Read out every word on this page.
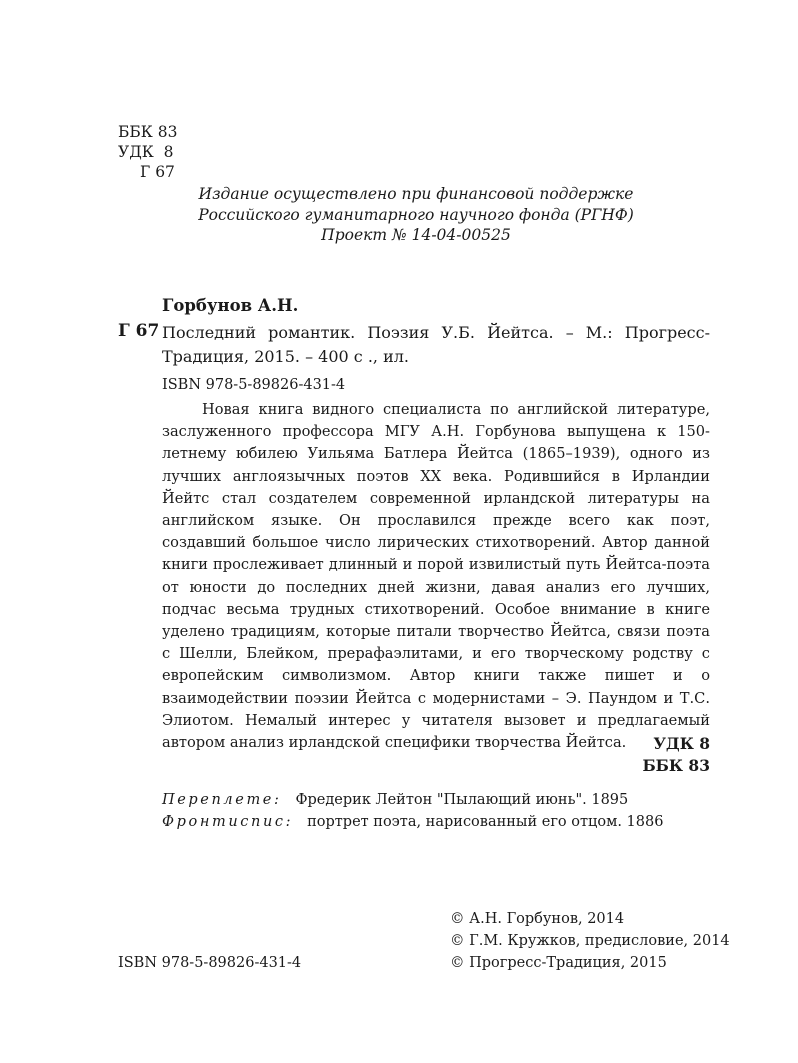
ББК 83
УДК  8
Г 67
Издание осуществлено при финансовой поддержке
Российского гуманитарного научного фонда (РГНФ)
Проект № 14-04-00525
Горбунов А.Н.
Г 67 Последний романтик. Поэзия У.Б. Йейтса. – М.: Прогресс-
Традиция, 2015. – 400 с ., ил.
ISBN 978-5-89826-431-4

Новая книга видного специалиста по английской литературе, заслуженного профессора МГУ А.Н. Горбунова выпущена к 150-летнему юбилею Уильяма Батлера Йейтса (1865–1939), одного из лучших англоязычных поэтов XX века. Родившийся в Ирландии Йейтс стал создателем современной ирландской литературы на английском языке. Он прославился прежде всего как поэт, создавший большое число лирических стихотворений. Автор данной книги прослеживает длинный и порой извилистый путь Йейтса-поэта от юности до последних дней жизни, давая анализ его лучших, подчас весьма трудных стихотворений. Особое внимание в книге уделено традициям, которые питали творчество Йейтса, связи поэта с Шелли, Блейком, прерафаэлитами, и его творческому родству с европейским символизмом. Автор книги также пишет и о взаимодействии поэзии Йейтса с модернистами – Э. Паундом и Т.С. Элиотом. Немалый интерес у читателя вызовет и предлагаемый автором анализ ирландской специфики творчества Йейтса.	УДК 8
ББК 83
Переплете: Фредерик Лейтон "Пылающий июнь". 1895
Фронтиспис: портрет поэта, нарисованный его отцом. 1886
© А.Н. Горбунов, 2014
© Г.М. Кружков, предисловие, 2014
© Прогресс-Традиция, 2015
ISBN 978-5-89826-431-4
